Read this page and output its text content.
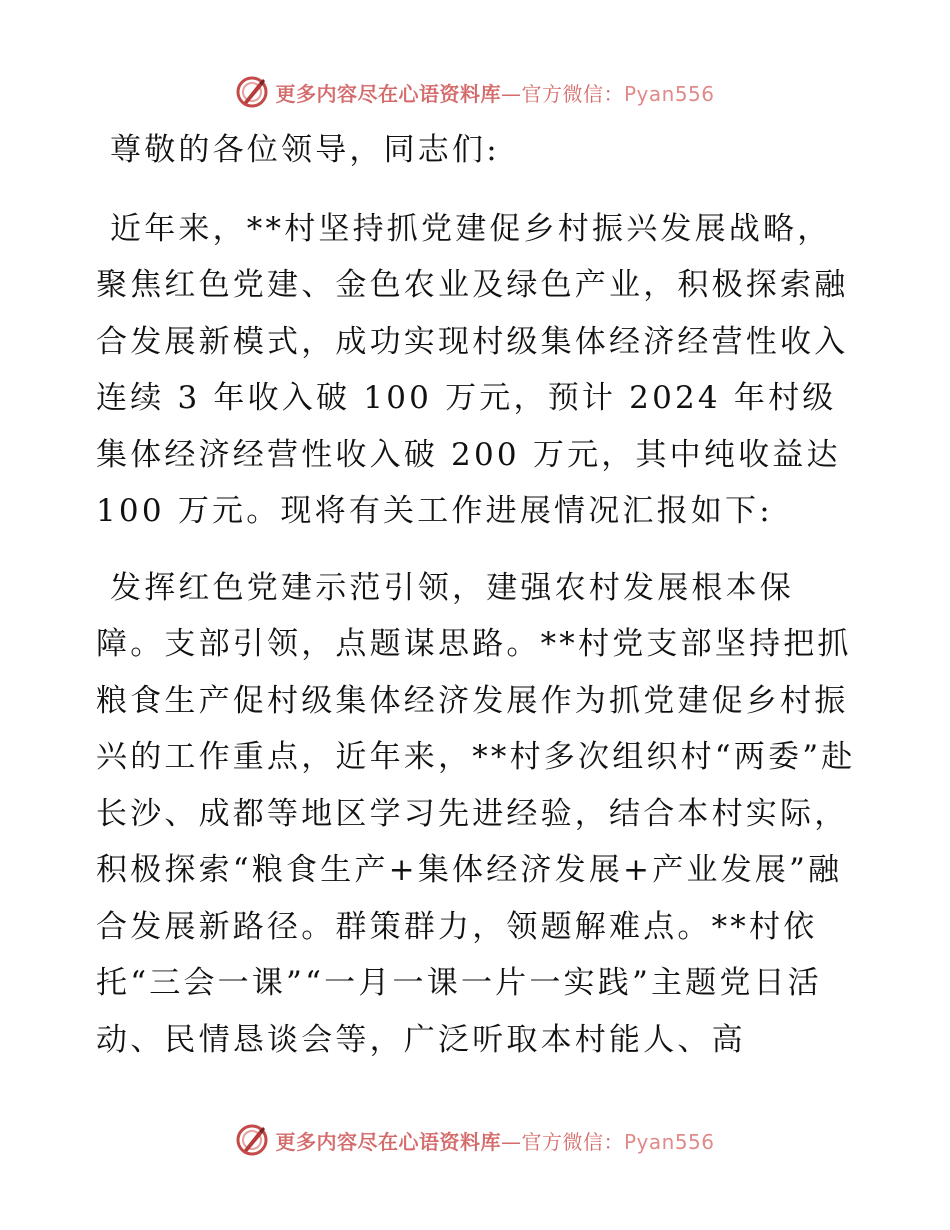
更多内容尽在心语资料库—官方微信：Pyan556

尊敬的各位领导，同志们:

近年来，**村坚持抓党建促乡村振兴发展战略，聚焦红色党建、金色农业及绿色产业，积极探索融合发展新模式，成功实现村级集体经济经营性收入连续 3 年收入破 100 万元，预计 2024 年村级集体经济经营性收入破 200 万元，其中纯收益达 100 万元。现将有关工作进展情况汇报如下:

发挥红色党建示范引领，建强农村发展根本保障。支部引领，点题谋思路。**村党支部坚持把抓粮食生产促村级集体经济发展作为抓党建促乡村振兴的工作重点，近年来，**村多次组织村“两委”赴长沙、成都等地区学习先进经验，结合本村实际，积极探索“粮食生产+集体经济发展+产业发展”融合发展新路径。群策群力，领题解难点。**村依托“三会一课”“一月一课一片一实践”主题党日活动、民情恳谈会等，广泛听取本村能人、高

更多内容尽在心语资料库—官方微信：Pyan556
